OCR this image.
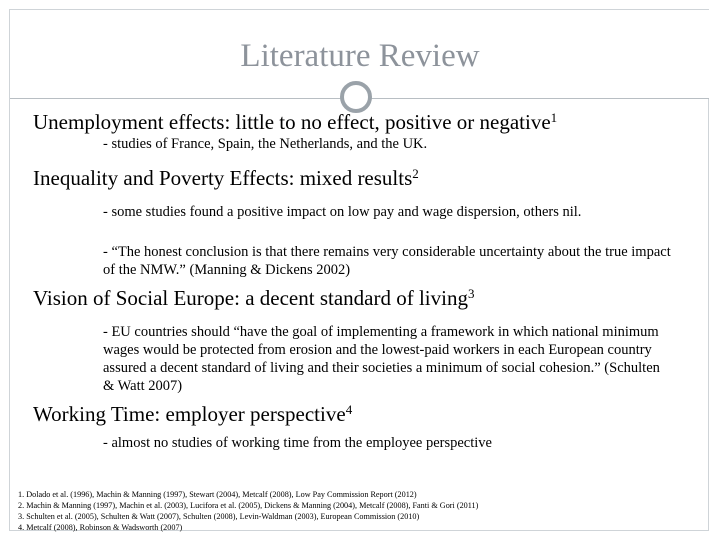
Literature Review
Unemployment effects: little to no effect, positive or negative$^1$
- studies of France, Spain, the Netherlands, and the UK.
Inequality and Poverty Effects: mixed results$^2$
- some studies found a positive impact on low pay and wage dispersion, others nil.
- “The honest conclusion is that there remains very considerable uncertainty about the true impact of the NMW.” (Manning & Dickens 2002)
Vision of Social Europe: a decent standard of living$^3$
- EU countries should “have the goal of implementing a framework in which national minimum wages would be protected from erosion and the lowest-paid workers in each European country assured a decent standard of living and their societies a minimum of social cohesion.” (Schulten & Watt 2007)
Working Time: employer perspective$^4$
- almost no studies of working time from the employee perspective
1. Dolado et al. (1996), Machin & Manning (1997), Stewart (2004), Metcalf (2008), Low Pay Commission Report (2012)
2. Machin & Manning (1997), Machin et al. (2003), Lucifora et al. (2005), Dickens & Manning (2004), Metcalf (2008), Fanti & Gori (2011)
3. Schulten et al. (2005), Schulten & Watt (2007), Schulten (2008), Levin-Waldman (2003), European Commission (2010)
4. Metcalf (2008), Robinson & Wadsworth (2007)
